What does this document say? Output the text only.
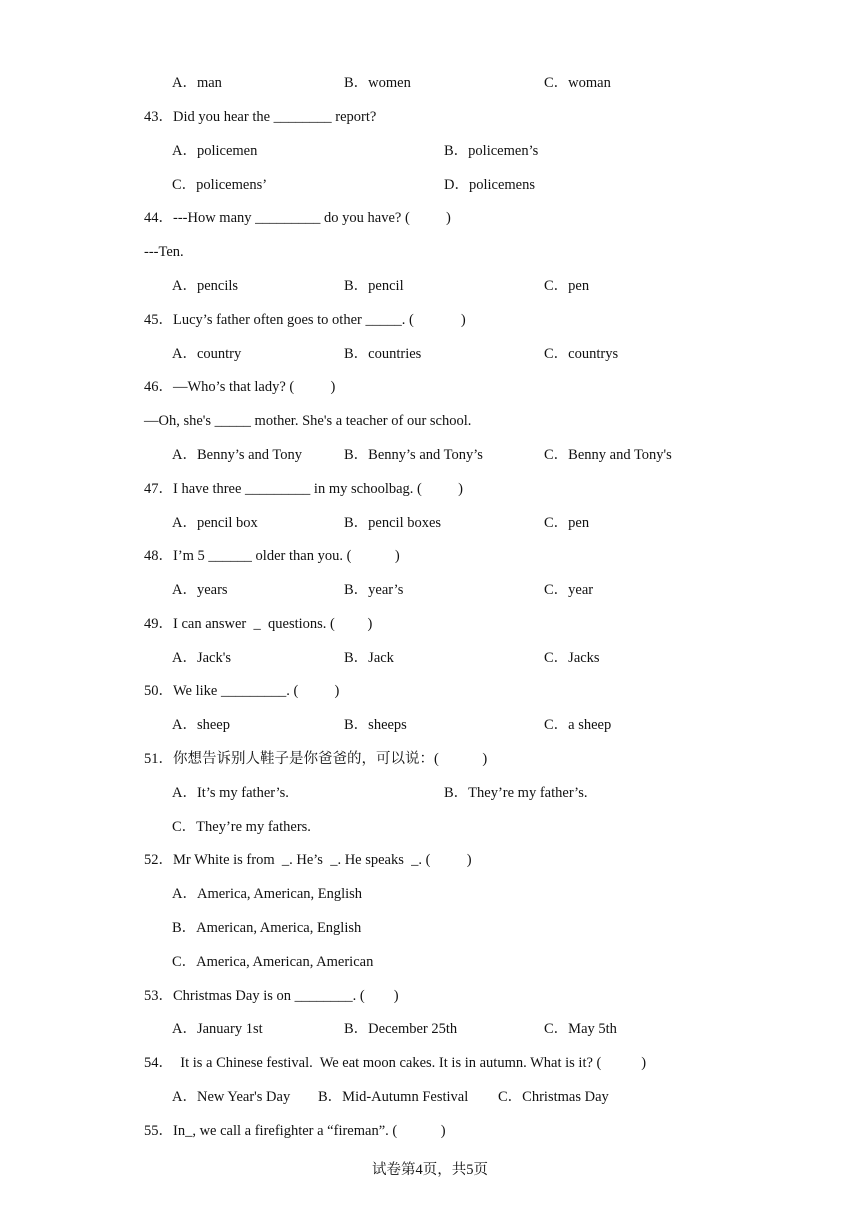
A．man	B．women	C．woman
43．Did you hear the ________ report?
A．policemen	B．policemen’s
C．policemens’	D．policemens
44．---How many _________ do you have? (          )
---Ten.
A．pencils	B．pencil	C．pen
45．Lucy’s father often goes to other _____. (             )
A．country	B．countries	C．countrys
46．—Who’s that lady? (          )
—Oh, she's _____ mother. She's a teacher of our school.
A．Benny’s and Tony	B．Benny’s and Tony’s	C．Benny and Tony's
47．I have three _________ in my schoolbag. (          )
A．pencil box	B．pencil boxes	C．pen
48．I’m 5 ______ older than you. (            )
A．years	B．year’s	C．year
49．I can answer  _  questions. (         )
A．Jack's	B．Jack	C．Jacks
50．We like _________. (          )
A．sheep	B．sheeps	C．a sheep
51．你想告诉别人鞋子是你爸爸的，可以说：(            )
A．It’s my father’s.	B．They’re my father’s.
C．They’re my fathers.
52．Mr White is from  _. He’s  _. He speaks  _. (          )
A．America, American, English
B．American, America, English
C．America, American, American
53．Christmas Day is on ________. (        )
A．January 1st	B．December 25th	C．May 5th
54．  It is a Chinese festival.  We eat moon cakes. It is in autumn. What is it? (           )
A．New Year's Day B．Mid-Autumn Festival C．Christmas Day
55．In_, we call a firefighter a “fireman”. (            )
试卷第4页，共5页
